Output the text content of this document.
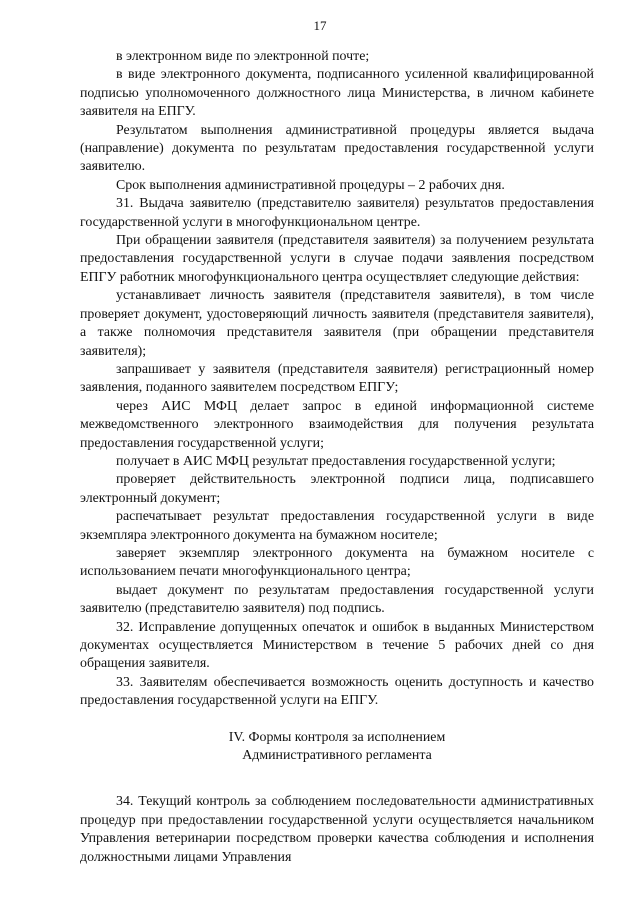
17

в электронном виде по электронной почте;

в виде электронного документа, подписанного усиленной квалифицированной подписью уполномоченного должностного лица Министерства, в личном кабинете заявителя на ЕПГУ.

Результатом выполнения административной процедуры является выдача (направление) документа по результатам предоставления государственной услуги заявителю.

Срок выполнения административной процедуры – 2 рабочих дня.

31. Выдача заявителю (представителю заявителя) результатов предоставления государственной услуги в многофункциональном центре.

При обращении заявителя (представителя заявителя) за получением результата предоставления государственной услуги в случае подачи заявления посредством ЕПГУ работник многофункционального центра осуществляет следующие действия:

устанавливает личность заявителя (представителя заявителя), в том числе проверяет документ, удостоверяющий личность заявителя (представителя заявителя), а также полномочия представителя заявителя (при обращении представителя заявителя);

запрашивает у заявителя (представителя заявителя) регистрационный номер заявления, поданного заявителем посредством ЕПГУ;

через АИС МФЦ делает запрос в единой информационной системе межведомственного электронного взаимодействия для получения результата предоставления государственной услуги;

получает в АИС МФЦ результат предоставления государственной услуги;

проверяет действительность электронной подписи лица, подписавшего электронный документ;

распечатывает результат предоставления государственной услуги в виде экземпляра электронного документа на бумажном носителе;

заверяет экземпляр электронного документа на бумажном носителе с использованием печати многофункционального центра;

выдает документ по результатам предоставления государственной услуги заявителю (представителю заявителя) под подпись.

32. Исправление допущенных опечаток и ошибок в выданных Министерством документах осуществляется Министерством в течение 5 рабочих дней со дня обращения заявителя.

33. Заявителям обеспечивается возможность оценить доступность и качество предоставления государственной услуги на ЕПГУ.

IV. Формы контроля за исполнением
Административного регламента

34. Текущий контроль за соблюдением последовательности административных процедур при предоставлении государственной услуги осуществляется начальником Управления ветеринарии посредством проверки качества соблюдения и исполнения должностными лицами Управления
